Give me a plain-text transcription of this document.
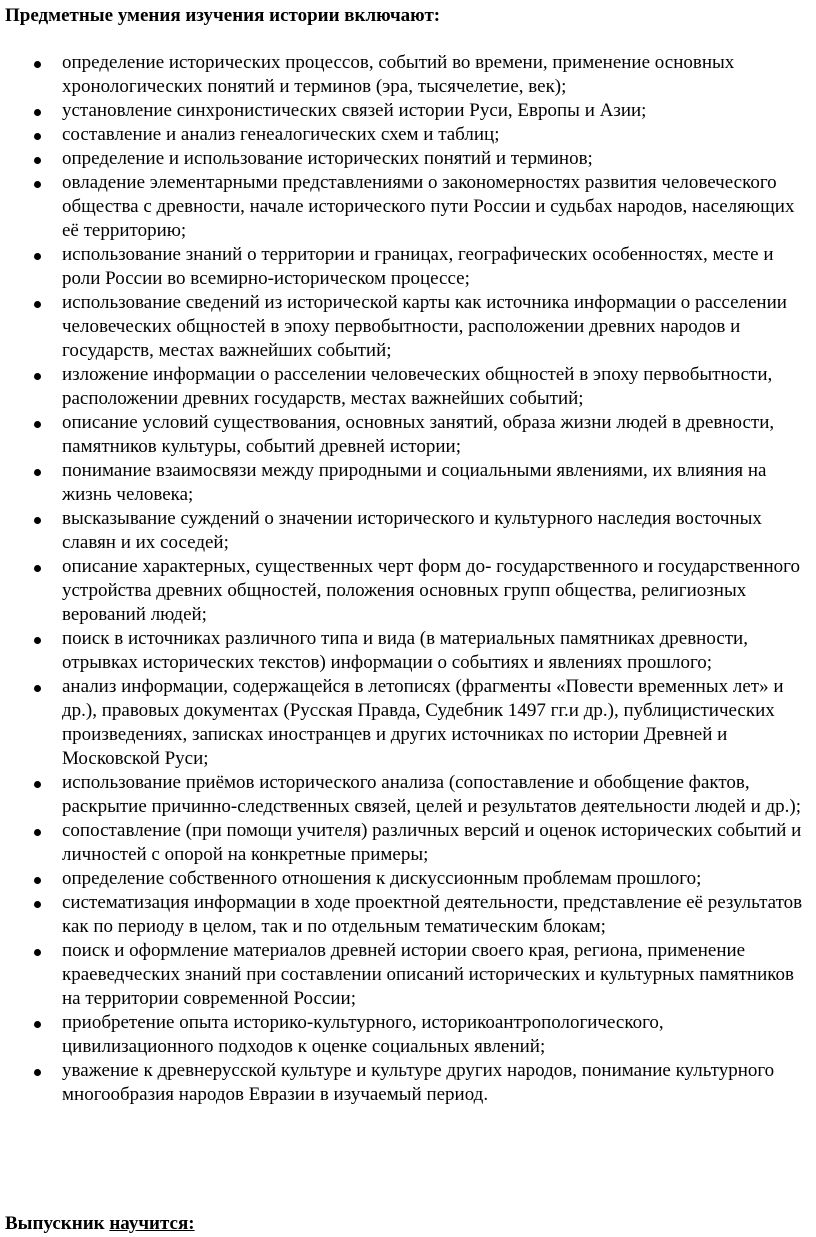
Предметные умения изучения истории включают:
определение исторических процессов, событий во времени, применение основных хронологических понятий и терминов (эра, тысячелетие, век);
установление синхронистических связей истории Руси, Европы и Азии;
составление и анализ генеалогических схем и таблиц;
определение и использование исторических понятий и терминов;
овладение элементарными представлениями о закономерностях развития человеческого общества с древности, начале исторического пути России и судьбах народов, населяющих её территорию;
использование знаний о территории и границах, географических особенностях, месте и роли России во всемирно-историческом процессе;
использование сведений из исторической карты как источника информации о расселении человеческих общностей в эпоху первобытности, расположении древних народов и государств, местах важнейших событий;
изложение информации о расселении человеческих общностей в эпоху первобытности, расположении древних государств, местах важнейших событий;
описание условий существования, основных занятий, образа жизни людей в древности, памятников культуры, событий древней истории;
понимание взаимосвязи между природными и социальными явлениями, их влияния на жизнь человека;
высказывание суждений о значении исторического и культурного наследия восточных славян и их соседей;
описание характерных, существенных черт форм до- государственного и государственного устройства древних общностей, положения основных групп общества, религиозных верований людей;
поиск в источниках различного типа и вида (в материальных памятниках древности, отрывках исторических текстов) информации о событиях и явлениях прошлого;
анализ информации, содержащейся в летописях (фрагменты «Повести временных лет» и др.), правовых документах (Русская Правда, Судебник 1497 гг.и др.), публицистических произведениях, записках иностранцев и других источниках по истории Древней и Московской Руси;
использование приёмов исторического анализа (сопоставление и обобщение фактов, раскрытие причинно-следственных связей, целей и результатов деятельности людей и др.);
сопоставление (при помощи учителя) различных версий и оценок исторических событий и личностей с опорой на конкретные примеры;
определение собственного отношения к дискуссионным проблемам прошлого;
систематизация информации в ходе проектной деятельности, представление её результатов как по периоду в целом, так и по отдельным тематическим блокам;
поиск и оформление материалов древней истории своего края, региона, применение краеведческих знаний при составлении описаний исторических и культурных памятников на территории современной России;
приобретение опыта историко-культурного, историкоантропологического, цивилизационного подходов к оценке социальных явлений;
уважение к древнерусской культуре и культуре других народов, понимание культурного многообразия народов Евразии в изучаемый период.
Выпускник научится:
